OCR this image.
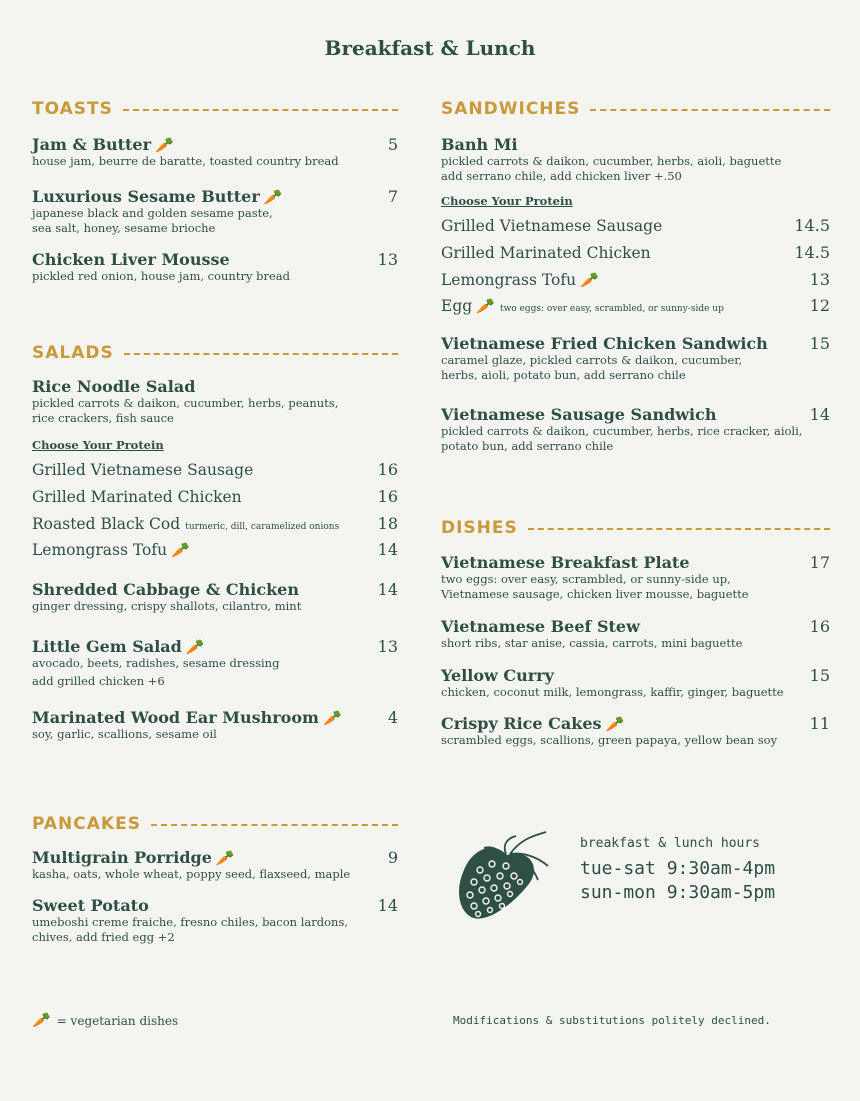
Breakfast & Lunch
TOASTS
Jam & Butter 🥕	5
house jam, beurre de baratte, toasted country bread
Luxurious Sesame Butter 🥕	7
japanese black and golden sesame paste,
sea salt, honey, sesame brioche
Chicken Liver Mousse	13
pickled red onion, house jam, country bread
SALADS
Rice Noodle Salad
pickled carrots & daikon, cucumber, herbs, peanuts,
rice crackers, fish sauce
Choose Your Protein
Grilled Vietnamese Sausage	16
Grilled Marinated Chicken	16
Roasted Black Cod turmeric, dill, caramelized onions 18
Lemongrass Tofu 🥕	14
Shredded Cabbage & Chicken	14
ginger dressing, crispy shallots, cilantro, mint
Little Gem Salad 🥕	13
avocado, beets, radishes, sesame dressing
add grilled chicken +6
Marinated Wood Ear Mushroom 🥕	4
soy, garlic, scallions, sesame oil
PANCAKES
Multigrain Porridge 🥕	9
kasha, oats, whole wheat, poppy seed, flaxseed, maple
Sweet Potato	14
umeboshi creme fraiche, fresno chiles, bacon lardons,
chives, add fried egg +2
SANDWICHES
Banh Mi
pickled carrots & daikon, cucumber, herbs, aioli, baguette
add serrano chile, add chicken liver +.50
Choose Your Protein
Grilled Vietnamese Sausage	14.5
Grilled Marinated Chicken	14.5
Lemongrass Tofu 🥕	13
Egg 🥕 two eggs: over easy, scrambled, or sunny-side up	12
Vietnamese Fried Chicken Sandwich	15
caramel glaze, pickled carrots & daikon, cucumber,
herbs, aioli, potato bun, add serrano chile
Vietnamese Sausage Sandwich	14
pickled carrots & daikon, cucumber, herbs, rice cracker, aioli,
potato bun, add serrano chile
DISHES
Vietnamese Breakfast Plate	17
two eggs: over easy, scrambled, or sunny-side up,
Vietnamese sausage, chicken liver mousse, baguette
Vietnamese Beef Stew	16
short ribs, star anise, cassia, carrots, mini baguette
Yellow Curry	15
chicken, coconut milk, lemongrass, kaffir, ginger, baguette
Crispy Rice Cakes 🥕	11
scrambled eggs, scallions, green papaya, yellow bean soy
breakfast & lunch hours
tue-sat 9:30am-4pm
sun-mon 9:30am-5pm
🥕 = vegetarian dishes	Modifications & substitutions politely declined.
